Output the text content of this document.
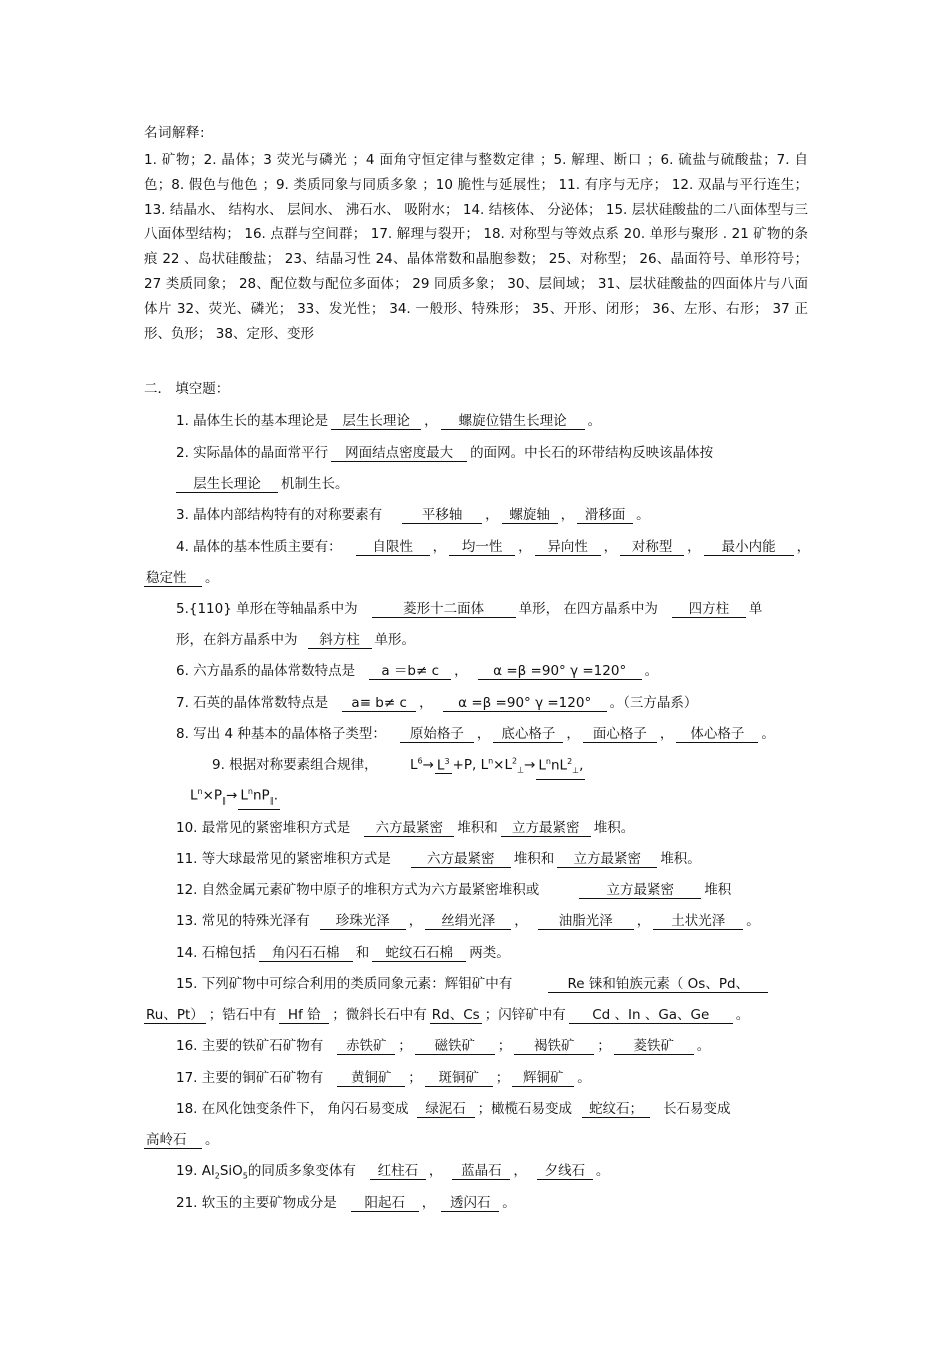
名词解释:
1. 矿物；2. 晶体；3 荧光与磷光 ；4 面角守恒定律与整数定律 ；5. 解理、断口 ；6. 硫盐与硫酸盐；7. 自色；8. 假色与他色 ；9. 类质同象与同质多象 ；10 脆性与延展性； 11. 有序与无序； 12. 双晶与平行连生； 13. 结晶水、 结构水、 层间水、 沸石水、 吸附水； 14. 结核体、 分泌体； 15. 层状硅酸盐的二八面体型与三八面体型结构； 16. 点群与空间群； 17. 解理与裂开； 18. 对称型与等效点系 20. 单形与聚形 . 21 矿物的条痕 22 、岛状硅酸盐； 23、结晶习性 24、晶体常数和晶胞参数； 25、对称型； 26、晶面符号、单形符号； 27 类质同象； 28、配位数与配位多面体； 29 同质多象； 30、层间域； 31、层状硅酸盐的四面体片与八面体片 32、荧光、磷光； 33、发光性； 34. 一般形、特殊形； 35、开形、闭形； 36、左形、右形； 37 正形、负形； 38、定形、变形
二． 填空题：
1. 晶体生长的基本理论是 层生长理论 ， 螺旋位错生长理论 。
2. 实际晶体的晶面常平行 网面结点密度最大 的面网。中长石的环带结构反映该晶体按
层生长理论 机制生长。
3. 晶体内部结构特有的对称要素有	平移轴 ， 螺旋轴 ， 滑移面 。
4. 晶体的基本性质主要有： 自限性 ， 均一性 ， 异向性 ， 对称型 ， 最小内能 ，
稳定性 。
5.{110} 单形在等轴晶系中为	菱形十二面体	单形， 在四方晶系中为 四方柱 单
形，在斜方晶系中为 斜方柱 单形。
6. 六方晶系的晶体常数特点是 a ＝b≠ c ， α =β =90° γ =120° 。
7. 石英的晶体常数特点是 a≡ b≠ c ， α =β =90° γ =120° 。（三方晶系）
8. 写出 4 种基本的晶体格子类型： 原始格子 ， 底心格子 ， 面心格子 ， 体心格子 。
9. 根据对称要素组合规律， $L^6\to L^3 +P$, $L^n\times L^2_\perp\to L^nnL^2_\perp$,
$L^n\times P_\parallel\to L^nnP_\parallel$.
10. 最常见的紧密堆积方式是 六方最紧密 堆积和 立方最紧密 堆积。
11. 等大球最常见的紧密堆积方式是	六方最紧密 堆积和 立方最紧密 堆积。
12. 自然金属元素矿物中原子的堆积方式为六方最紧密堆积或	立方最紧密 堆积
13. 常见的特殊光泽有 珍珠光泽 ， 丝绢光泽 ， 油脂光泽 ， 土状光泽 。
14. 石棉包括 角闪石石棉 和 蛇纹石石棉 两类。
15. 下列矿物中可综合利用的类质同象元素：辉钼矿中有	Re 铼和铂族元素（ Os、Pd、
Ru、Pt） ；锆石中有 Hf 铪 ；微斜长石中有 Rd、Cs ；闪锌矿中有 Cd 、In 、Ga、Ge 。
16. 主要的铁矿石矿物有 赤铁矿 ； 磁铁矿 ； 褐铁矿 ； 菱铁矿 。
17. 主要的铜矿石矿物有 黄铜矿 ； 斑铜矿 ； 辉铜矿 。
18. 在风化蚀变条件下， 角闪石易变成 绿泥石 ；橄榄石易变成 蛇纹石； 长石易变成
高岭石 。
19. $Al_2SiO_5$的同质多象变体有 红柱石 ， 蓝晶石 ， 夕线石 。
21. 软玉的主要矿物成分是 阳起石 ， 透闪石 。
